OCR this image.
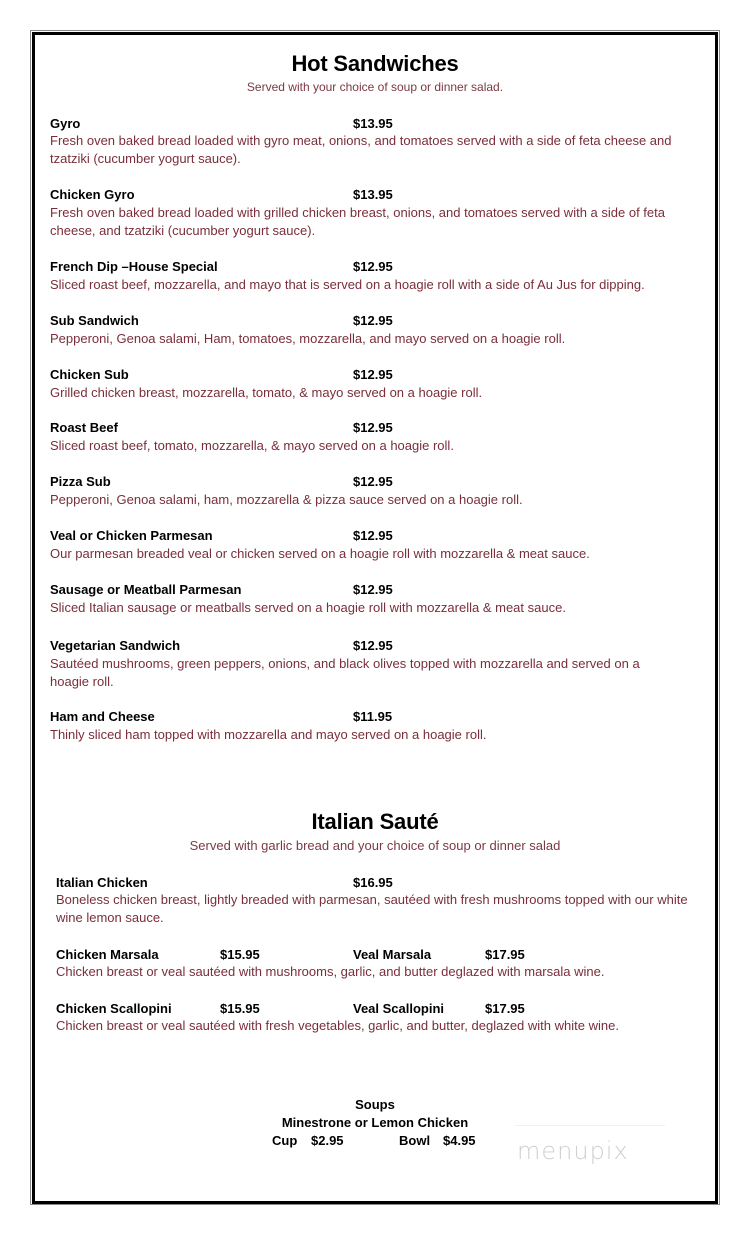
Hot Sandwiches
Served with your choice of soup or dinner salad.
Gyro	$13.95
Fresh oven baked bread loaded with gyro meat, onions, and tomatoes served with a side of feta cheese and tzatziki (cucumber yogurt sauce).
Chicken Gyro	$13.95
Fresh oven baked bread loaded with grilled chicken breast, onions, and tomatoes served with a side of feta cheese, and tzatziki (cucumber yogurt sauce).
French Dip –House Special	$12.95
Sliced roast beef, mozzarella, and mayo that is served on a hoagie roll with a side of Au Jus for dipping.
Sub Sandwich	$12.95
Pepperoni, Genoa salami, Ham, tomatoes, mozzarella, and mayo served on a hoagie roll.
Chicken Sub	$12.95
Grilled chicken breast, mozzarella, tomato, & mayo served on a hoagie roll.
Roast Beef	$12.95
Sliced roast beef, tomato, mozzarella, & mayo served on a hoagie roll.
Pizza Sub	$12.95
Pepperoni, Genoa salami, ham, mozzarella & pizza sauce served on a hoagie roll.
Veal or Chicken Parmesan	$12.95
Our parmesan breaded veal or chicken served on a hoagie roll with mozzarella & meat sauce.
Sausage or Meatball Parmesan	$12.95
Sliced Italian sausage or meatballs served on a hoagie roll with mozzarella & meat sauce.
Vegetarian Sandwich	$12.95
Sautéed mushrooms, green peppers, onions, and black olives topped with mozzarella and served on a hoagie roll.
Ham and Cheese	$11.95
Thinly sliced ham topped with mozzarella and mayo served on a hoagie roll.
Italian Sauté
Served with garlic bread and your choice of soup or dinner salad
Italian Chicken	$16.95
Boneless chicken breast, lightly breaded with parmesan, sautéed with fresh mushrooms topped with our white wine lemon sauce.
Chicken Marsala	$15.95	Veal Marsala	$17.95
Chicken breast or veal sautéed with mushrooms, garlic, and butter deglazed with marsala wine.
Chicken Scallopini	$15.95	Veal Scallopini	$17.95
Chicken breast or veal sautéed with fresh vegetables, garlic, and butter, deglazed with white wine.
Soups
Minestrone or Lemon Chicken
Cup $2.95	Bowl $4.95 menupix
